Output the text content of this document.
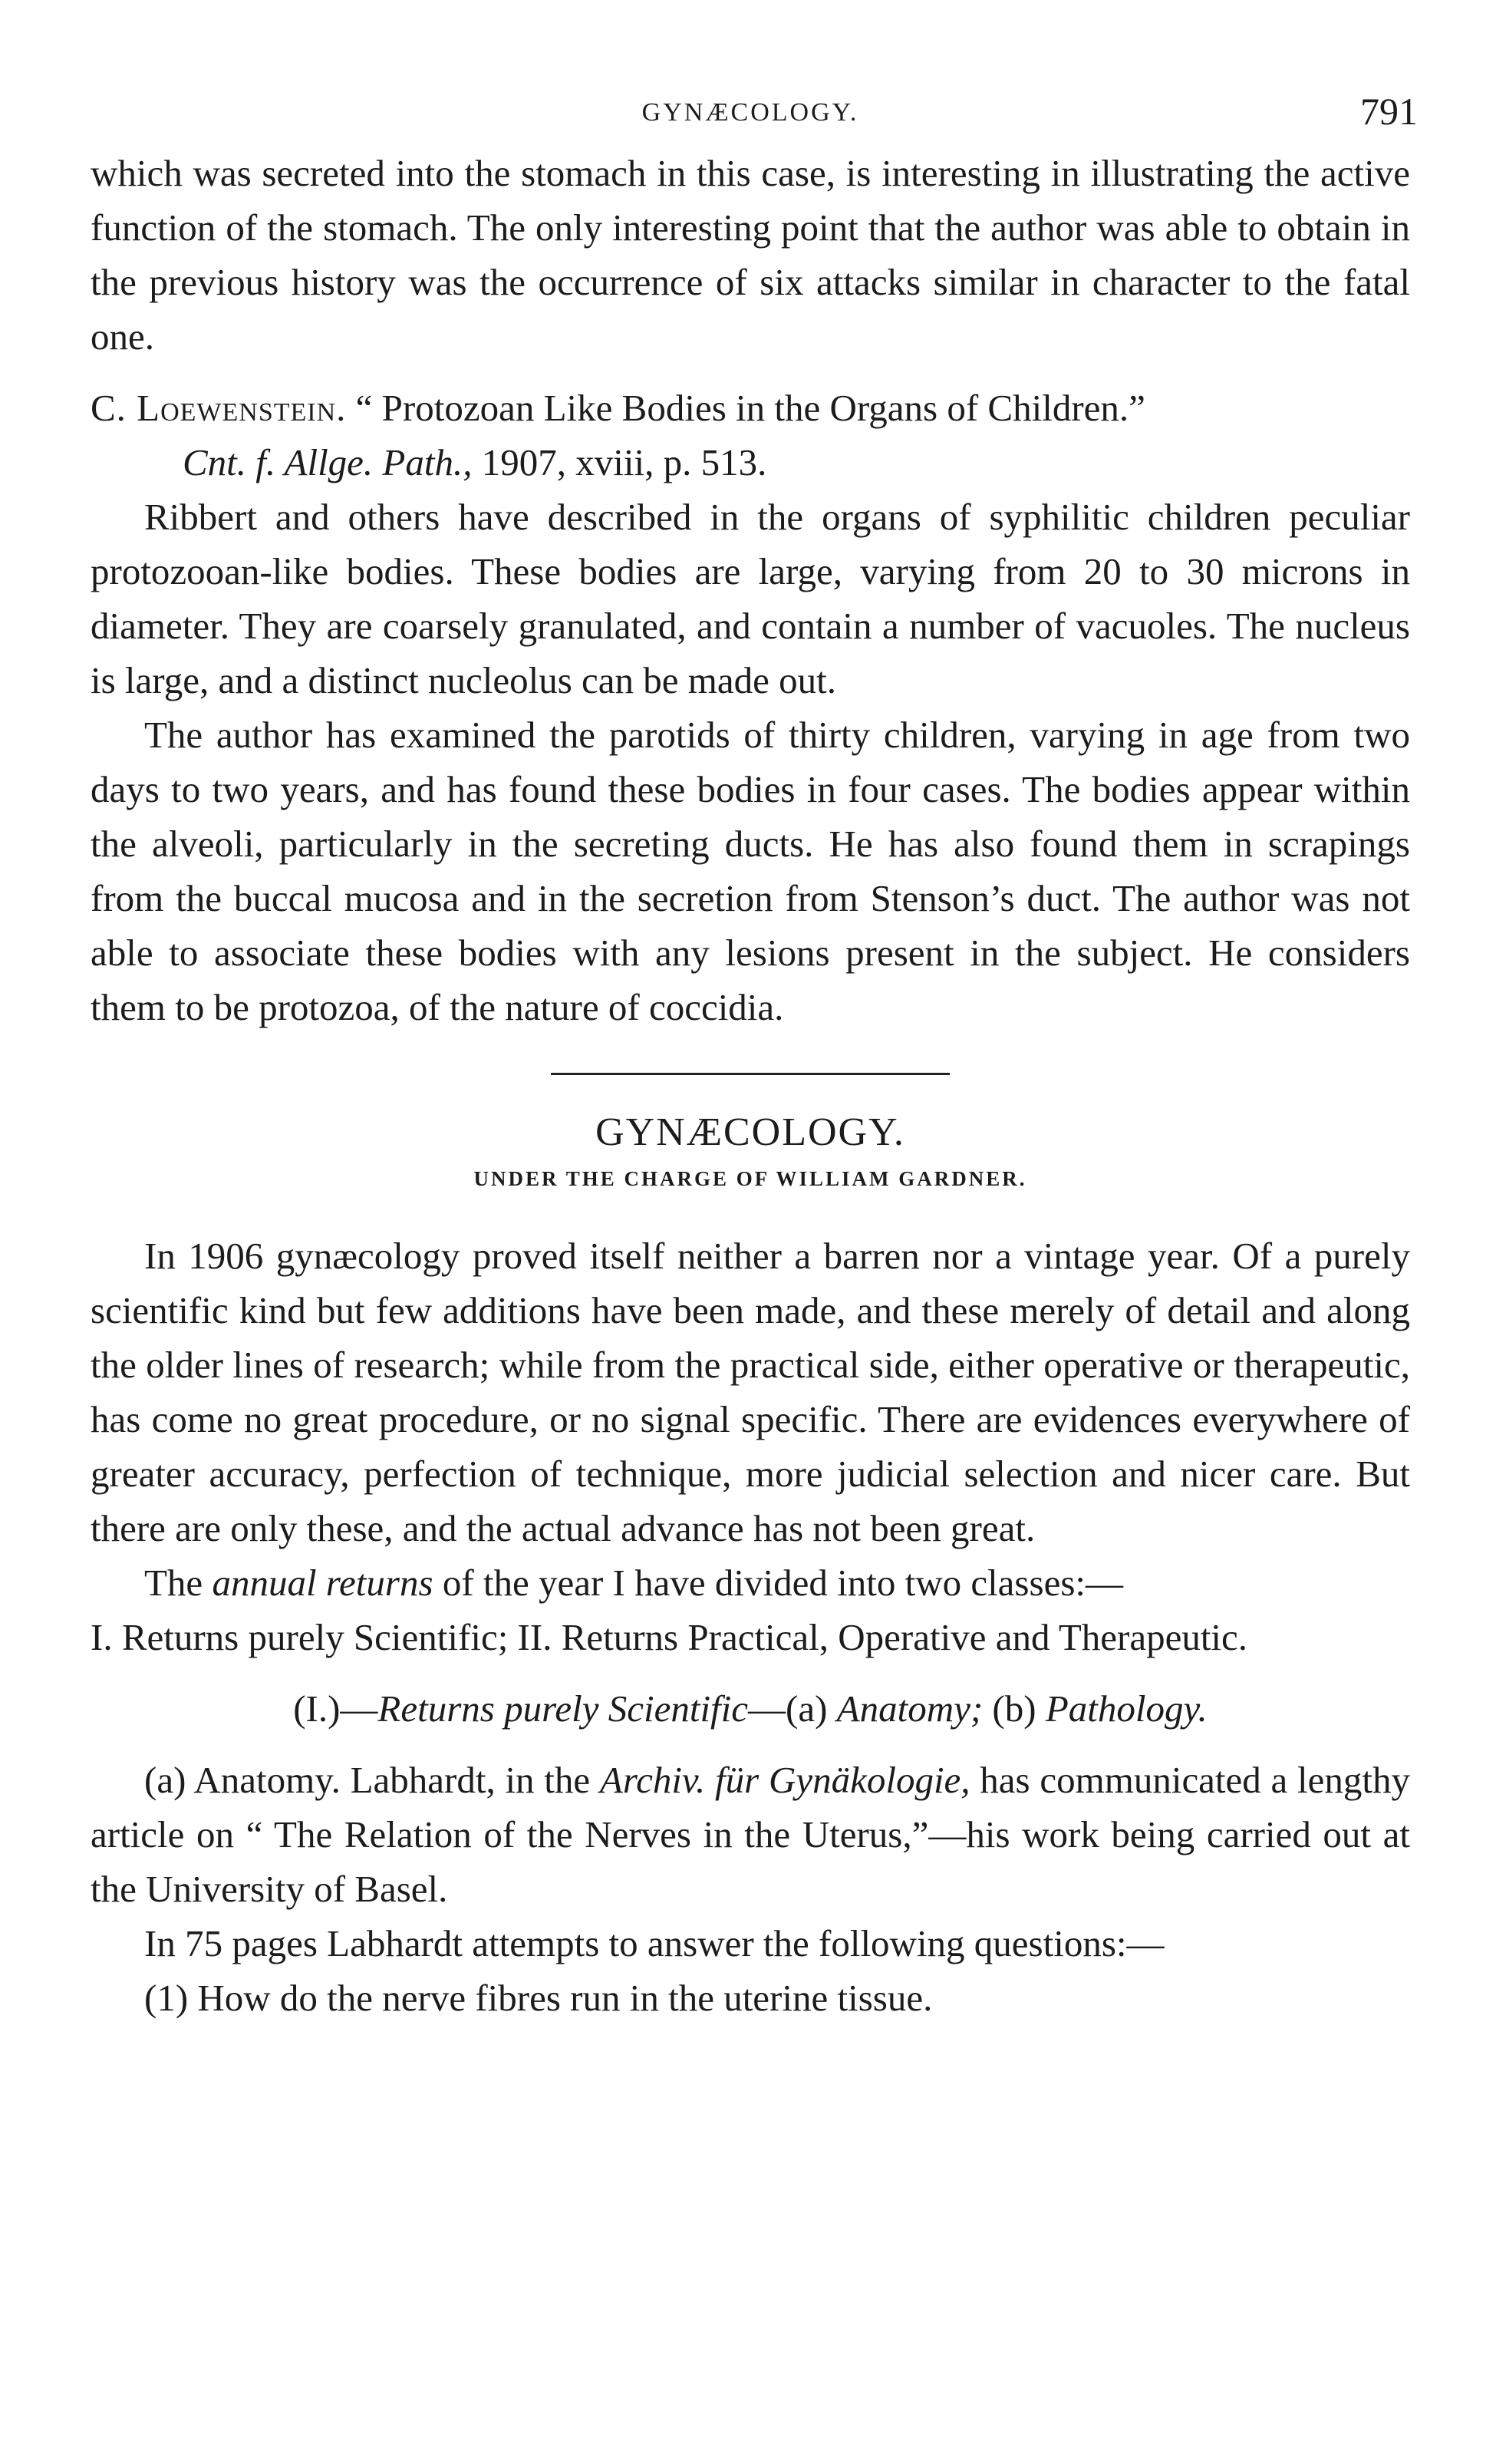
GYNÆCOLOGY.	791

which was secreted into the stomach in this case, is interesting in illustrating the active function of the stomach. The only interesting point that the author was able to obtain in the previous history was the occurrence of six attacks similar in character to the fatal one.

C. Loewenstein. “ Protozoan Like Bodies in the Organs of Children.”
Cnt. f. Allge. Path., 1907, xviii, p. 513.

Ribbert and others have described in the organs of syphilitic children peculiar protozooan-like bodies. These bodies are large, varying from 20 to 30 microns in diameter. They are coarsely granulated, and contain a number of vacuoles. The nucleus is large, and a distinct nucleolus can be made out.

The author has examined the parotids of thirty children, varying in age from two days to two years, and has found these bodies in four cases. The bodies appear within the alveoli, particularly in the secreting ducts. He has also found them in scrapings from the buccal mucosa and in the secretion from Stenson’s duct. The author was not able to associate these bodies with any lesions present in the subject. He considers them to be protozoa, of the nature of coccidia.

GYNÆCOLOGY.
UNDER THE CHARGE OF WILLIAM GARDNER.

In 1906 gynæcology proved itself neither a barren nor a vintage year. Of a purely scientific kind but few additions have been made, and these merely of detail and along the older lines of research; while from the practical side, either operative or therapeutic, has come no great procedure, or no signal specific. There are evidences everywhere of greater accuracy, perfection of technique, more judicial selection and nicer care. But there are only these, and the actual advance has not been great.

The annual returns of the year I have divided into two classes:—

I. Returns purely Scientific; II. Returns Practical, Operative and Therapeutic.

(I.)—Returns purely Scientific—(a) Anatomy; (b) Pathology.

(a) Anatomy. Labhardt, in the Archiv. für Gynäkologie, has communicated a lengthy article on “ The Relation of the Nerves in the Uterus,”—his work being carried out at the University of Basel.

In 75 pages Labhardt attempts to answer the following questions:—

(1) How do the nerve fibres run in the uterine tissue.
